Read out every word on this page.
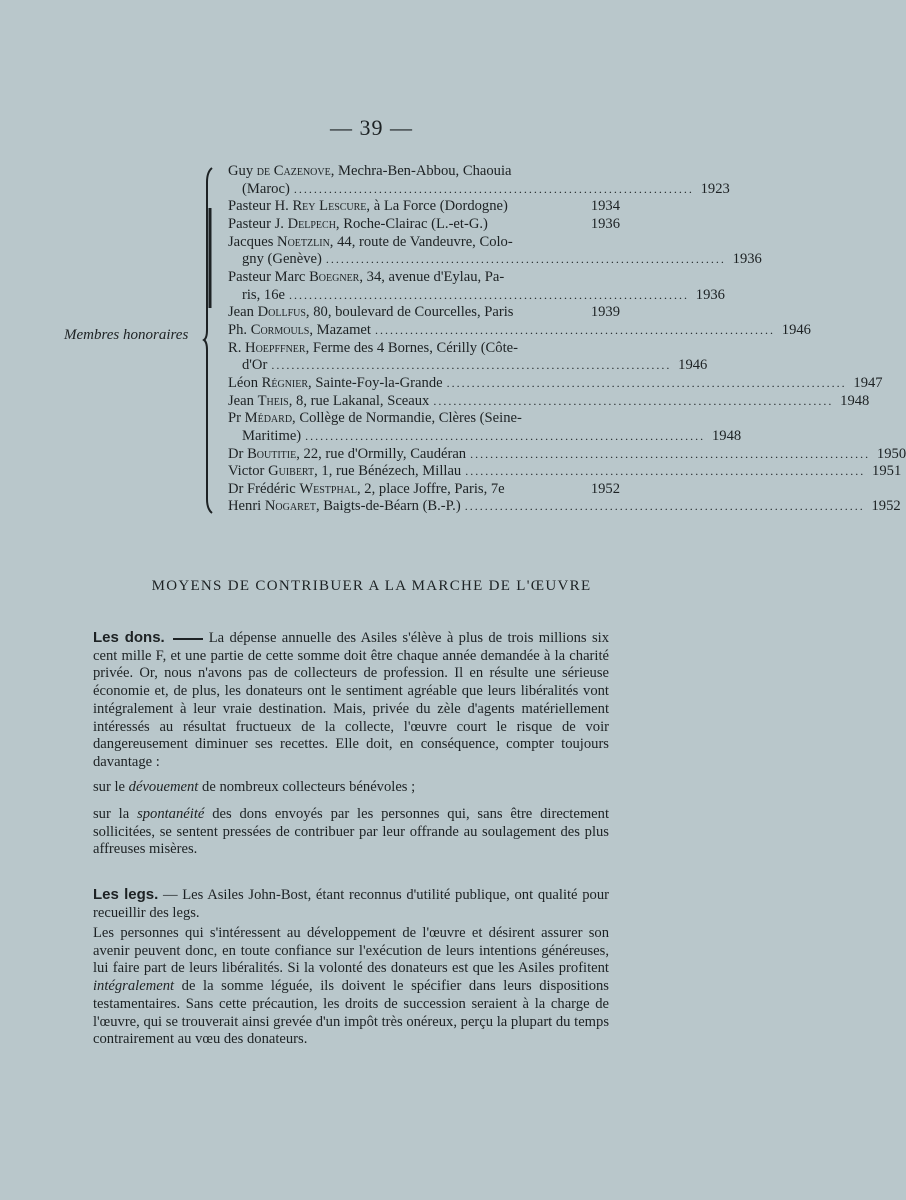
— 39 —
Membres honoraires
Guy de Cazenove, Mechra-Ben-Abbou, Chaouia
(Maroc) ................................................................................ 1923
Pasteur H. Rey Lescure, à La Force (Dordogne)	1934
Pasteur J. Delpech, Roche-Clairac (L.-et-G.)	1936
Jacques Noetzlin, 44, route de Vandeuvre, Colo-
gny (Genève) ................................................................................ 1936
Pasteur Marc Boegner, 34, avenue d'Eylau, Pa-
ris, 16e ................................................................................ 1936
Jean Dollfus, 80, boulevard de Courcelles, Paris	1939
Ph. Cormouls, Mazamet ................................................................................ 1946
R. Hoepffner, Ferme des 4 Bornes, Cérilly (Côte-
d'Or ................................................................................ 1946
Léon Régnier, Sainte-Foy-la-Grande ................................................................................ 1947
Jean Theis, 8, rue Lakanal, Sceaux ................................................................................ 1948
Pr Médard, Collège de Normandie, Clères (Seine-
Maritime) ................................................................................ 1948
Dr Boutitie, 22, rue d'Ormilly, Caudéran ................................................................................ 1950
Victor Guibert, 1, rue Bénézech, Millau ................................................................................ 1951
Dr Frédéric Westphal, 2, place Joffre, Paris, 7e	1952
Henri Nogaret, Baigts-de-Béarn (B.-P.) ................................................................................ 1952
MOYENS DE CONTRIBUER A LA MARCHE DE L'ŒUVRE
Les dons.	La dépense annuelle des Asiles s'élève à plus de trois millions six cent mille F, et une partie de cette somme doit être chaque année demandée à la charité privée. Or, nous n'avons pas de collecteurs de profession. Il en résulte une sérieuse économie et, de plus, les donateurs ont le sentiment agréable que leurs libéralités vont intégralement à leur vraie destination. Mais, privée du zèle d'agents matériellement intéressés au résultat fructueux de la collecte, l'œuvre court le risque de voir dangereusement diminuer ses recettes. Elle doit, en conséquence, compter toujours davantage :
sur le dévouement de nombreux collecteurs bénévoles ;
sur la spontanéité des dons envoyés par les personnes qui, sans être directement sollicitées, se sentent pressées de contribuer par leur offrande au soulagement des plus affreuses misères.
Les legs. — Les Asiles John-Bost, étant reconnus d'utilité publique, ont qualité pour recueillir des legs.
Les personnes qui s'intéressent au développement de l'œuvre et désirent assurer son avenir peuvent donc, en toute confiance sur l'exécution de leurs intentions généreuses, lui faire part de leurs libéralités. Si la volonté des donateurs est que les Asiles profitent intégralement de la somme léguée, ils doivent le spécifier dans leurs dispositions testamentaires. Sans cette précaution, les droits de succession seraient à la charge de l'œuvre, qui se trouverait ainsi grevée d'un impôt très onéreux, perçu la plupart du temps contrairement au vœu des donateurs.
